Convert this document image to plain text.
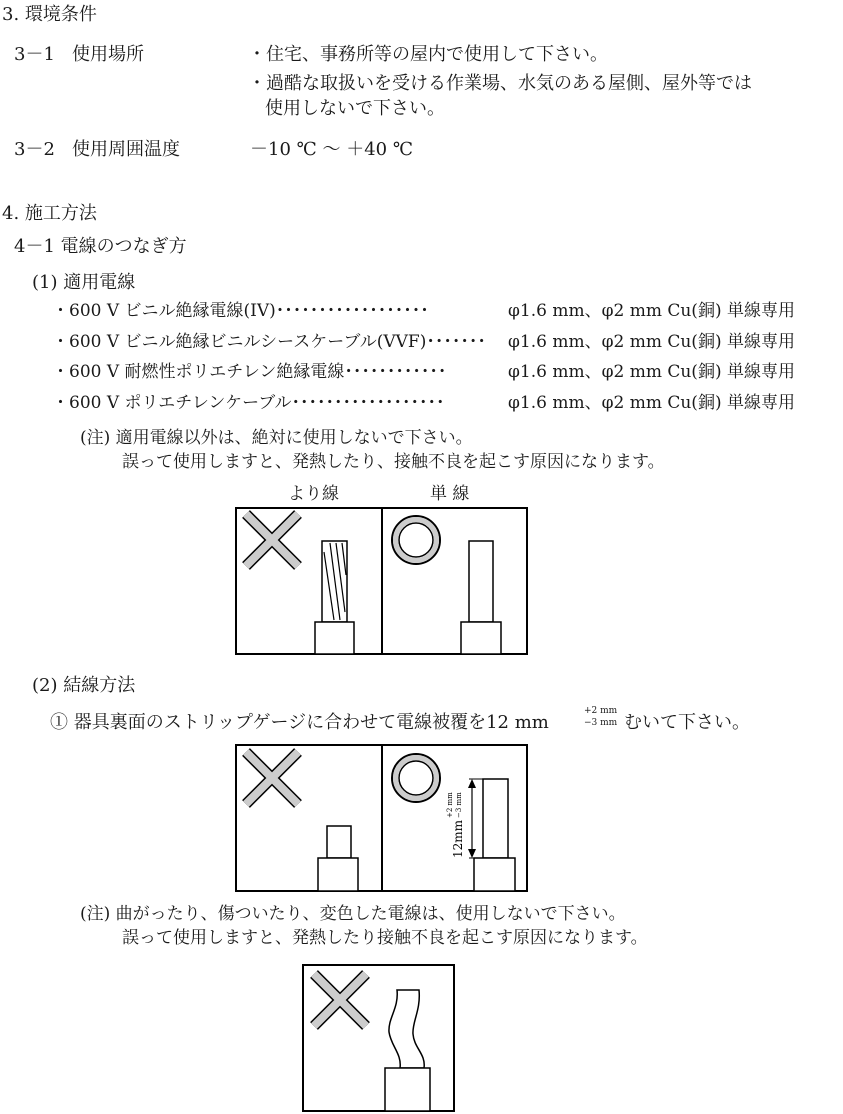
3. 環境条件
3－1 使用場所	・住宅、事務所等の屋内で使用して下さい。
・過酷な取扱いを受ける作業場、水気のある屋側、屋外等では
使用しないで下さい。
3－2 使用周囲温度	－10 ℃ ～ ＋40 ℃
4. 施工方法
4－1 電線のつなぎ方
(1) 適用電線
・600 V ビニル絶縁電線(IV)･･････････････････	φ1.6 mm、φ2 mm Cu(銅) 単線専用
・600 V ビニル絶縁ビニルシースケーブル(VVF)･･･････ φ1.6 mm、φ2 mm Cu(銅) 単線専用
・600 V 耐燃性ポリエチレン絶縁電線････････････	φ1.6 mm、φ2 mm Cu(銅) 単線専用
・600 V ポリエチレンケーブル･･････････････････	φ1.6 mm、φ2 mm Cu(銅) 単線専用
(注) 適用電線以外は、絶対に使用しないで下さい。
誤って使用しますと、発熱したり、接触不良を起こす原因になります。
より線	単 線
12mm
+2 mm −3 mm
(2) 結線方法
① 器具裏面のストリップゲージに合わせて電線被覆を12 mm
+2 mm
−3 mm むいて下さい。
(注) 曲がったり、傷ついたり、変色した電線は、使用しないで下さい。
誤って使用しますと、発熱したり接触不良を起こす原因になります。
